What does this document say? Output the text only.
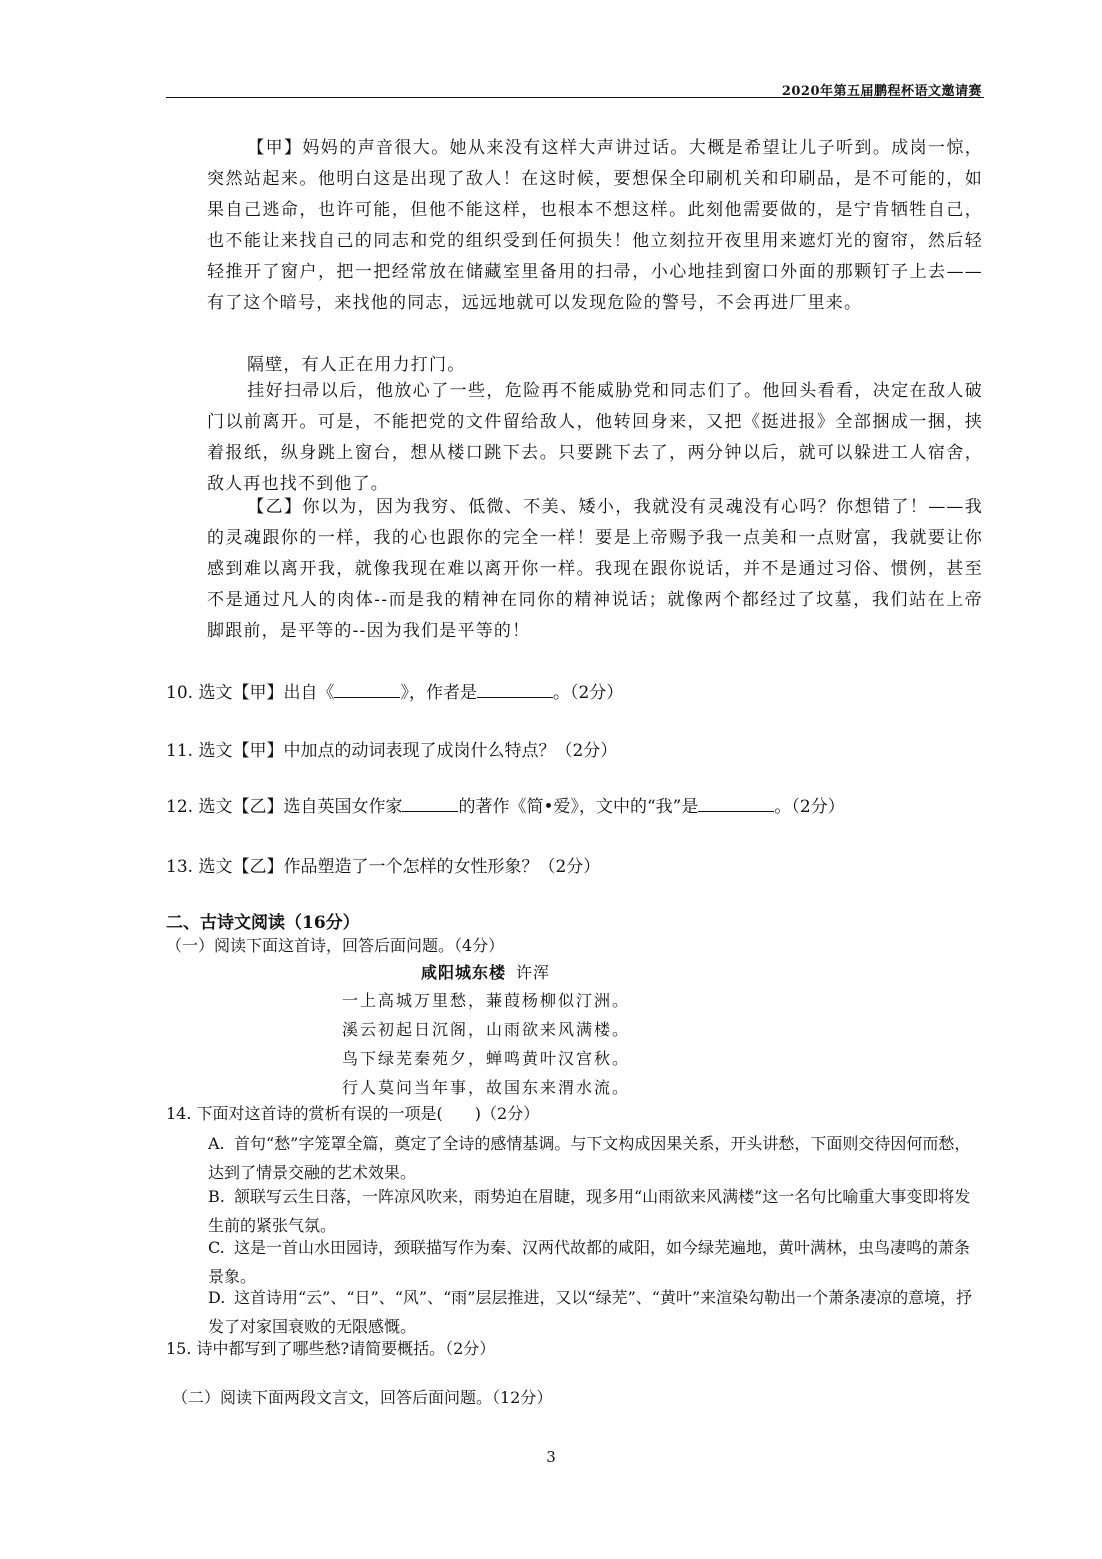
2020年第五届鹏程杯语文邀请赛

【甲】妈妈的声音很大。她从来没有这样大声讲过话。大概是希望让儿子听到。成岗一惊，突然站起来。他明白这是出现了敌人！在这时候，要想保全印刷机关和印刷品，是不可能的，如果自己逃命，也许可能，但他不能这样，也根本不想这样。此刻他需要做的，是宁肯牺牲自己，也不能让来找自己的同志和党的组织受到任何损失！他立刻拉开夜里用来遮灯光的窗帘，然后轻轻推开了窗户，把一把经常放在储藏室里备用的扫帚，小心地挂到窗口外面的那颗钉子上去——有了这个暗号，来找他的同志，远远地就可以发现危险的警号，不会再进厂里来。

隔壁，有人正在用力打门。

挂好扫帚以后，他放心了一些，危险再不能威胁党和同志们了。他回头看看，决定在敌人破门以前离开。可是，不能把党的文件留给敌人，他转回身来，又把《挺进报》全部捆成一捆，挟着报纸，纵身跳上窗台，想从楼口跳下去。只要跳下去了，两分钟以后，就可以躲进工人宿舍，敌人再也找不到他了。

【乙】你以为，因为我穷、低微、不美、矮小，我就没有灵魂没有心吗？你想错了！——我的灵魂跟你的一样，我的心也跟你的完全一样！要是上帝赐予我一点美和一点财富，我就要让你感到难以离开我，就像我现在难以离开你一样。我现在跟你说话，并不是通过习俗、惯例，甚至不是通过凡人的肉体--而是我的精神在同你的精神说话；就像两个都经过了坟墓，我们站在上帝脚跟前，是平等的--因为我们是平等的！

10. 选文【甲】出自《	》，作者是	。（2分）

11. 选文【甲】中加点的动词表现了成岗什么特点？（2分）

12. 选文【乙】选自英国女作家	的著作《简•爱》，文中的“我”是	。（2分）

13. 选文【乙】作品塑造了一个怎样的女性形象？（2分）

二、古诗文阅读（16分）

（一）阅读下面这首诗，回答后面问题。（4分）

咸阳城东楼 许浑

一上高城万里愁，蒹葭杨柳似汀洲。

溪云初起日沉阁，山雨欲来风满楼。

鸟下绿芜秦苑夕，蝉鸣黄叶汉宫秋。

行人莫问当年事，故国东来渭水流。

14. 下面对这首诗的赏析有误的一项是(　　)（2分）

A. 首句“愁”字笼罩全篇，奠定了全诗的感情基调。与下文构成因果关系，开头讲愁，下面则交待因何而愁，达到了情景交融的艺术效果。
B. 颔联写云生日落，一阵凉风吹来，雨势迫在眉睫，现多用“山雨欲来风满楼”这一名句比喻重大事变即将发生前的紧张气氛。
C. 这是一首山水田园诗，颈联描写作为秦、汉两代故都的咸阳，如今绿芜遍地，黄叶满林，虫鸟凄鸣的萧条景象。
D. 这首诗用“云”、“日”、“风”、“雨”层层推进，又以“绿芜”、“黄叶”来渲染勾勒出一个萧条凄凉的意境，抒发了对家国衰败的无限感慨。

15. 诗中都写到了哪些愁?请简要概括。（2分）

（二）阅读下面两段文言文，回答后面问题。（12分）

3
